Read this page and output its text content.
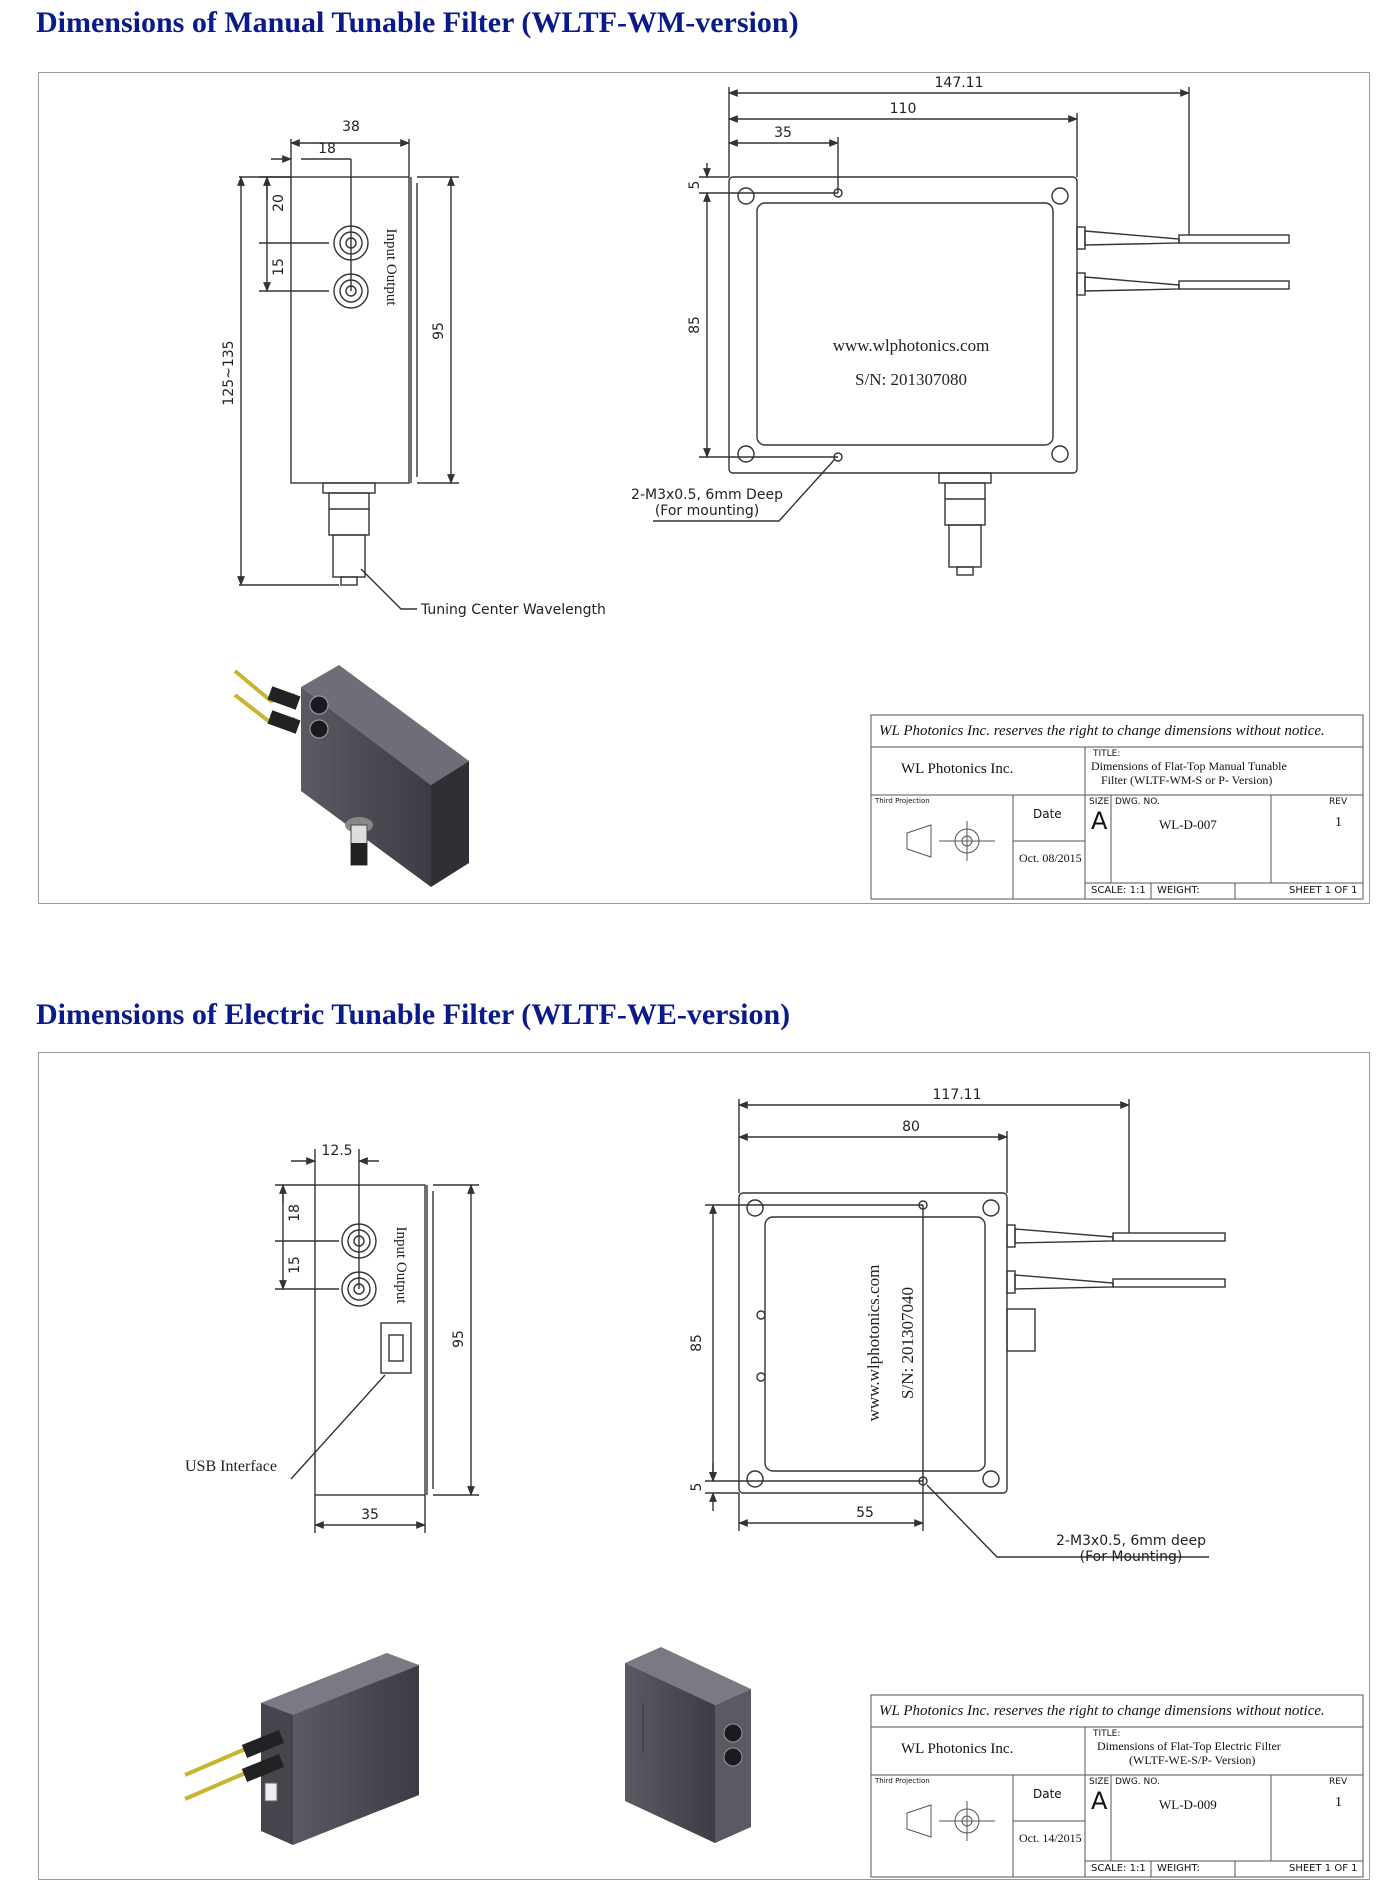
Dimensions of Manual Tunable Filter (WLTF-WM-version)
38
18
20
15
125~135
95
Input Output
Tuning Center Wavelength
147.11
110
35
5
85
www.wlphotonics.com
S/N: 201307080
2-M3x0.5, 6mm Deep
(For mounting)
WL Photonics Inc. reserves the right to change dimensions without notice.
WL Photonics Inc.
TITLE:
Dimensions of Flat-Top Manual Tunable
Filter (WLTF-WM-S or P- Version)
Third Projection
Date
Oct. 08/2015
SIZE
A
DWG. NO.
WL-D-007
REV
1
SCALE: 1:1 WEIGHT:	SHEET 1 OF 1
Dimensions of Electric Tunable Filter (WLTF-WE-version)
12.5
18
15
95
35
Input Output
USB Interface
117.11
80
55
85
5
www.wlphotonics.com S/N: 201307040
2-M3x0.5, 6mm deep
(For Mounting)
WL Photonics Inc. reserves the right to change dimensions without notice.
WL Photonics Inc.
TITLE:
Dimensions of Flat-Top Electric Filter
(WLTF-WE-S/P- Version)
Third Projection
Date
Oct. 14/2015
SIZE
A
DWG. NO.
WL-D-009
REV
1
SCALE: 1:1 WEIGHT:	SHEET 1 OF 1
